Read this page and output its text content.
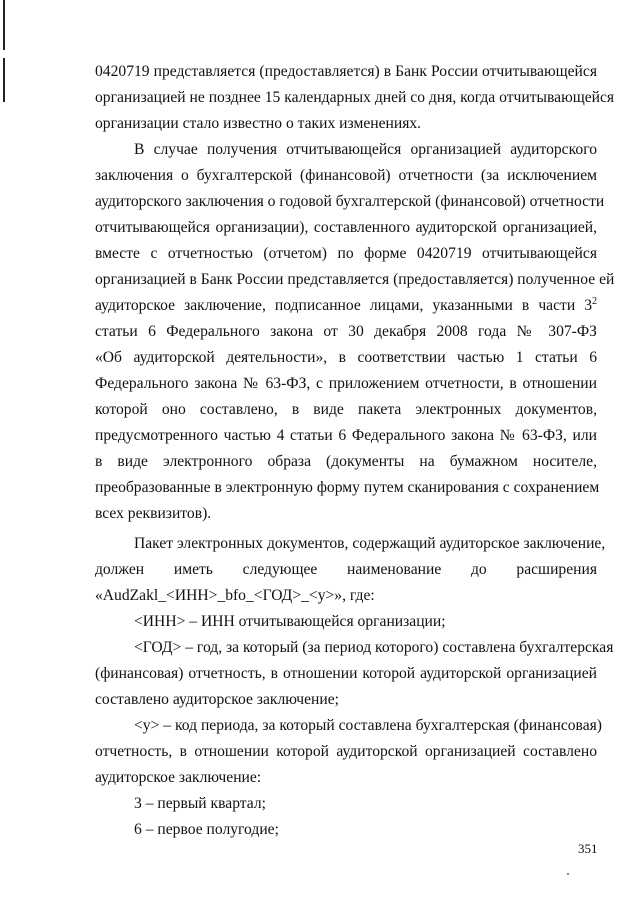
0420719 представляется (предоставляется) в Банк России отчитывающейся
организацией не позднее 15 календарных дней со дня, когда отчитывающейся
организации стало известно о таких изменениях.
В случае получения отчитывающейся организацией аудиторского
заключения о бухгалтерской (финансовой) отчетности (за исключением
аудиторского заключения о годовой бухгалтерской (финансовой) отчетности
отчитывающейся организации), составленного аудиторской организацией,
вместе с отчетностью (отчетом) по форме 0420719 отчитывающейся
организацией в Банк России представляется (предоставляется) полученное ей
аудиторское заключение, подписанное лицами, указанными в части $3^2$
статьи 6 Федерального закона от 30 декабря 2008 года № 307-ФЗ
«Об аудиторской деятельности», в соответствии частью 1 статьи 6
Федерального закона № 63-ФЗ, с приложением отчетности, в отношении
которой оно составлено, в виде пакета электронных документов,
предусмотренного частью 4 статьи 6 Федерального закона № 63-ФЗ, или
в виде электронного образа (документы на бумажном носителе,
преобразованные в электронную форму путем сканирования с сохранением
всех реквизитов).
Пакет электронных документов, содержащий аудиторское заключение,
должен иметь следующее наименование до расширения
«AudZakl_<ИНН>_bfo_<ГОД>_<у>», где:
<ИНН> – ИНН отчитывающейся организации;
<ГОД> – год, за который (за период которого) составлена бухгалтерская
(финансовая) отчетность, в отношении которой аудиторской организацией
составлено аудиторское заключение;
<у> – код периода, за который составлена бухгалтерская (финансовая)
отчетность, в отношении которой аудиторской организацией составлено
аудиторское заключение:
3 – первый квартал;
6 – первое полугодие;
351
